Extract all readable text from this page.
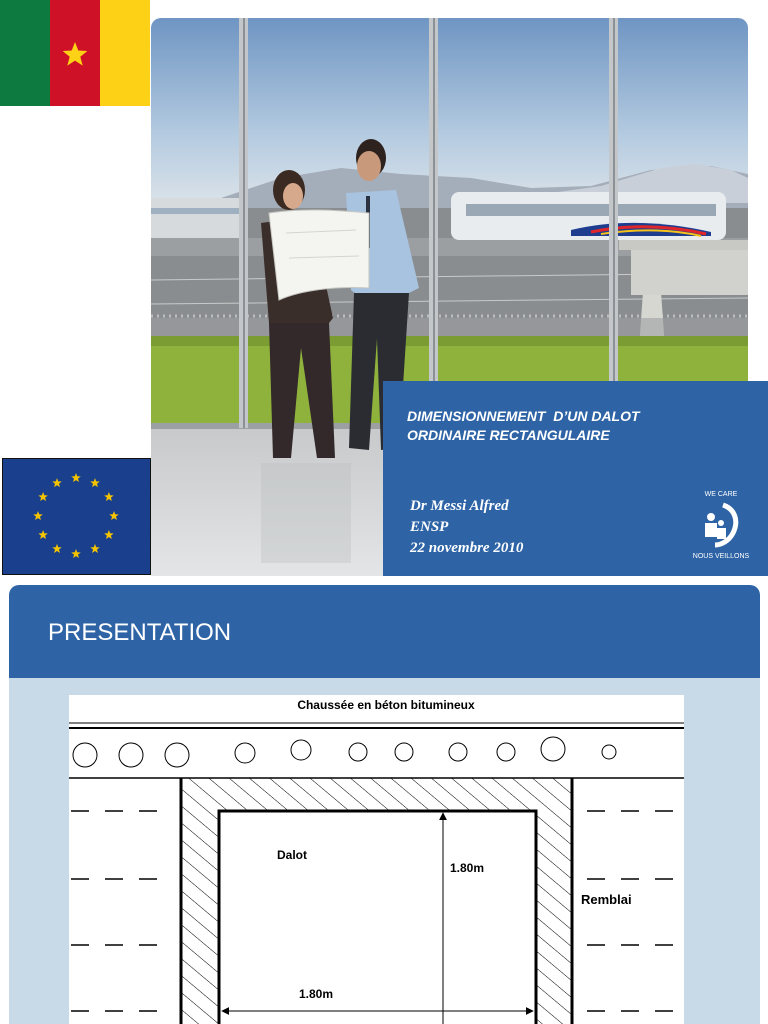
DIMENSIONNEMENT  D’UN DALOT
ORDINAIRE RECTANGULAIRE
Dr Messi Alfred
ENSP
22 novembre 2010
WE CARE
NOUS VEILLONS
PRESENTATION
Chaussée en béton bitumineux
Dalot
1.80m
Remblai
1.80m
